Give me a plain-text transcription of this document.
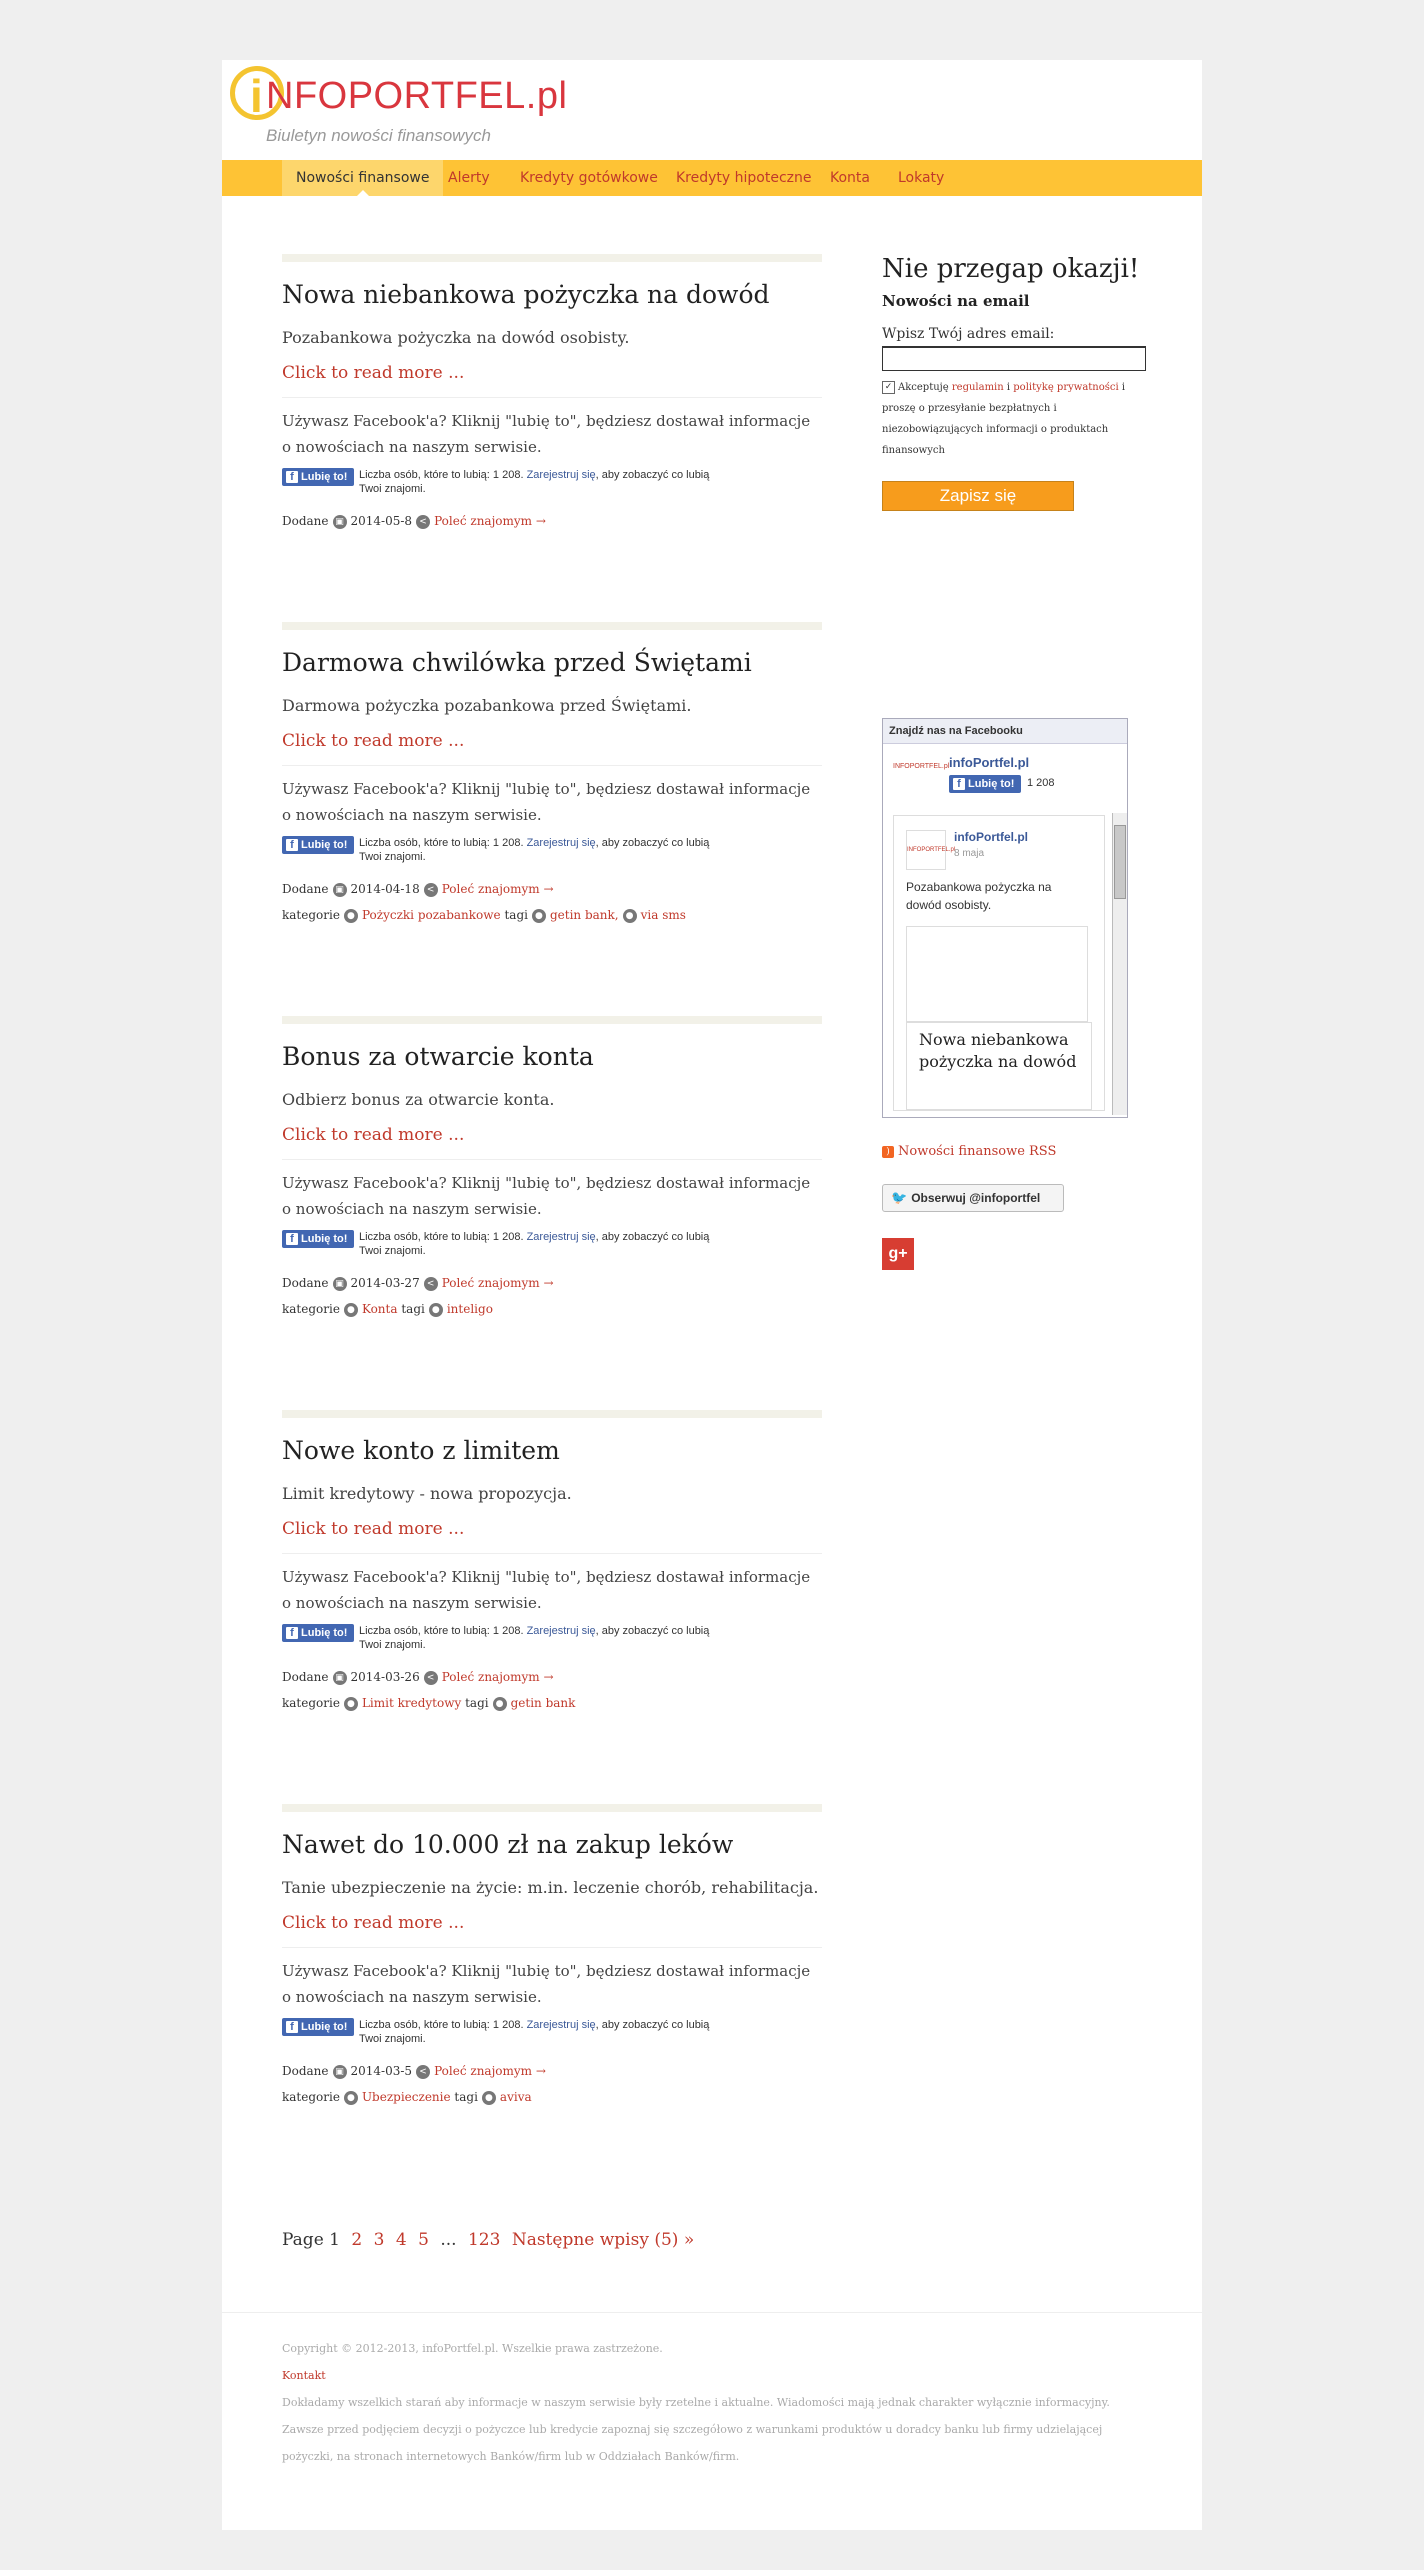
i NFOPORTFEL.pl
Biuletyn nowości finansowych
Nowości finansowe	Alerty	Kredyty gotówkowe	Kredyty hipoteczne	Konta	Lokaty
Nowa niebankowa pożyczka na dowód
Pozabankowa pożyczka na dowód osobisty.
Click to read more ...
Używasz Facebook'a? Kliknij "lubię to", będziesz dostawał informacje o nowościach na naszym serwisie.
f Lubię to!	Liczba osób, które to lubią: 1 208. Zarejestruj się, aby zobaczyć co lubią Twoi znajomi.
Dodane ▣ 2014-05-8 < Poleć znajomym →
Darmowa chwilówka przed Świętami
Darmowa pożyczka pozabankowa przed Świętami.
Click to read more ...
Używasz Facebook'a? Kliknij "lubię to", będziesz dostawał informacje o nowościach na naszym serwisie.
f Lubię to!	Liczba osób, które to lubią: 1 208. Zarejestruj się, aby zobaczyć co lubią Twoi znajomi.
Dodane ▣ 2014-04-18 < Poleć znajomym →
kategorie ● Pożyczki pozabankowe tagi ● getin bank, ● via sms
Bonus za otwarcie konta
Odbierz bonus za otwarcie konta.
Click to read more ...
Używasz Facebook'a? Kliknij "lubię to", będziesz dostawał informacje o nowościach na naszym serwisie.
f Lubię to!	Liczba osób, które to lubią: 1 208. Zarejestruj się, aby zobaczyć co lubią Twoi znajomi.
Dodane ▣ 2014-03-27 < Poleć znajomym →
kategorie ● Konta tagi ● inteligo
Nowe konto z limitem
Limit kredytowy - nowa propozycja.
Click to read more ...
Używasz Facebook'a? Kliknij "lubię to", będziesz dostawał informacje o nowościach na naszym serwisie.
f Lubię to!	Liczba osób, które to lubią: 1 208. Zarejestruj się, aby zobaczyć co lubią Twoi znajomi.
Dodane ▣ 2014-03-26 < Poleć znajomym →
kategorie ● Limit kredytowy tagi ● getin bank
Nawet do 10.000 zł na zakup leków
Tanie ubezpieczenie na życie: m.in. leczenie chorób, rehabilitacja.
Click to read more ...
Używasz Facebook'a? Kliknij "lubię to", będziesz dostawał informacje o nowościach na naszym serwisie.
f Lubię to!	Liczba osób, które to lubią: 1 208. Zarejestruj się, aby zobaczyć co lubią Twoi znajomi.
Dodane ▣ 2014-03-5 < Poleć znajomym →
kategorie ● Ubezpieczenie tagi ● aviva
Page 1 2 3 4 5 ... 123 Następne wpisy (5) »
Nie przegap okazji!
Nowości na email
Wpisz Twój adres email:
✓ Akceptuję regulamin i politykę prywatności i proszę o przesyłanie bezpłatnych i niezobowiązujących informacji o produktach finansowych
Zapisz się
Znajdź nas na Facebooku
INFOPORTFEL.pl infoPortfel.pl
f Lubię to!	1 208
INFOPORTFEL.pl
infoPortfel.pl
8 maja
Pozabankowa pożyczka na dowód osobisty.
Nowa niebankowa pożyczka na dowód
) Nowości finansowe RSS
🐦 Obserwuj @infoportfel
g+
Copyright © 2012-2013, infoPortfel.pl. Wszelkie prawa zastrzeżone.
Kontakt
Dokładamy wszelkich starań aby informacje w naszym serwisie były rzetelne i aktualne. Wiadomości mają jednak charakter wyłącznie informacyjny. Zawsze przed podjęciem decyzji o pożyczce lub kredycie zapoznaj się szczegółowo z warunkami produktów u doradcy banku lub firmy udzielającej pożyczki, na stronach internetowych Banków/firm lub w Oddziałach Banków/firm.
